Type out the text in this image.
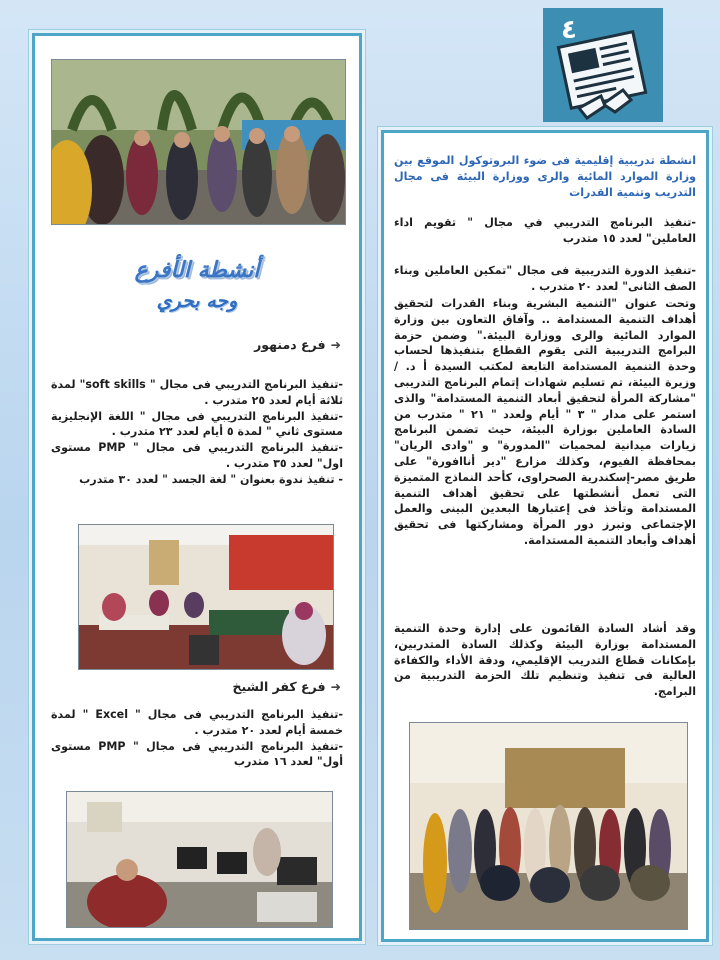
٤
أنشطة الأفرع
وجه بحري
➜فرع دمنهور

-تنفيذ البرنامج التدريبي فى مجال " soft skills" لمدة ثلاثة أيام لعدد ٢٥ متدرب .

-تنفيذ البرنامج التدريبي فى مجال " اللغة الإنجليزية مستوى ثاني " لمدة ٥ أيام لعدد ٢٣ متدرب .

-تنفيذ البرنامج التدريبي فى مجال " PMP مستوى اول" لعدد ٣٥ متدرب .

- تنفيذ ندوة بعنوان " لغة الجسد " لعدد ٣٠ متدرب

➜فرع كفر الشيخ

-تنفيذ البرنامج التدريبي فى مجال " Excel " لمدة خمسة أيام لعدد ٢٠ متدرب .

-تنفيذ البرنامج التدريبي فى مجال " PMP مستوى أول" لعدد ١٦ متدرب

انشطة تدريبية إقليمية فى ضوء البروتوكول الموقع بين وزارة الموارد المائية والرى ووزارة البيئة فى مجال التدريب وتنمية القدرات
-تنفيذ البرنامج التدريبي في مجال " تقويم اداء العاملين" لعدد ١٥ متدرب
-تنفيذ الدورة التدريبية فى مجال "تمكين العاملين وبناء الصف الثانى" لعدد ٢٠ متدرب .
وتحت عنوان "التنمية البشرية وبناء القدرات لتحقيق أهداف التنمية المستدامة .. وآفاق التعاون بين وزارة الموارد المائية والرى ووزارة البيئة." وضمن حزمة البرامج التدريبية التى يقوم القطاع بتنفيذها لحساب وحدة التنمية المستدامة التابعة لمكتب السيدة أ د. / وزيرة البيئة، تم تسليم شهادات إتمام البرنامج التدريبى "مشاركة المرأة لتحقيق أبعاد التنمية المستدامة" والذى استمر على مدار " ٣ " أيام ولعدد " ٢١ " متدرب من السادة العاملين بوزارة البيئة، حيث تضمن البرنامج زيارات ميدانية لمحميات "المدورة" و "وادى الريان" بمحافظة الفيوم، وكذلك مزارع "دير أناافورة" على طريق مصر-إسكندرية الصحراوى، كأحد النماذج المتميزة التى تعمل أنشطتها على تحقيق أهداف التنمية المستدامة وتأخذ فى إعتبارها البعدين البينى والعمل الإجتماعى وتبرز دور المرأة ومشاركتها فى تحقيق أهداف وأبعاد التنمية المستدامة.
وقد أشاد السادة القائمون على إدارة وحدة التنمية المستدامة بوزارة البيئة وكذلك السادة المتدربين، بإمكانات قطاع التدريب الإقليمي، ودقة الأداء والكفاءة العالية فى تنفيذ وتنظيم تلك الحزمة التدريبية من البرامج.
